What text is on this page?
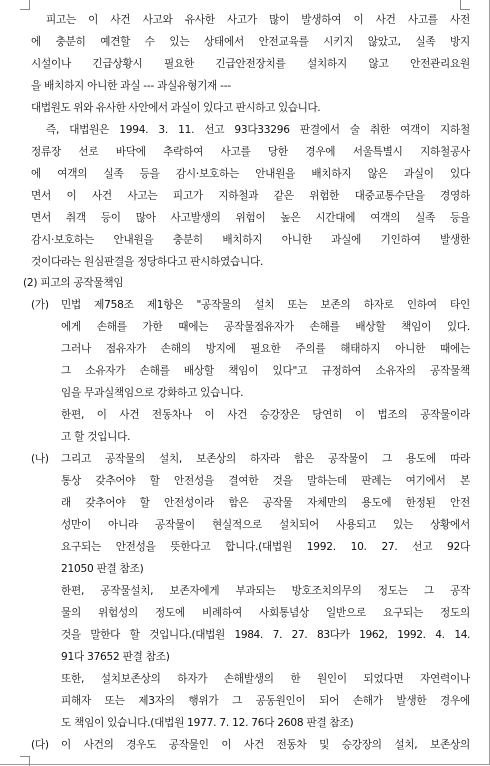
피고는 이 사건 사고와 유사한 사고가 많이 발생하여 이 사건 사고를 사전
에 충분히 예견할 수 있는 상태에서 안전교육를 시키지 않았고, 실족 방지
시설이나 긴급상황시 필요한 긴급안전장치를 설치하지 않고 안전관리요원
을 배치하지 아니한 과실 --- 과실유형기재 ---
대법원도 위와 유사한 사안에서 과실이 있다고 판시하고 있습니다.
즉, 대법원은 1994. 3. 11. 선고 93다33296 판결에서 술 취한 여객이 지하철
정류장 선로 바닥에 추락하여 사고를 당한 경우에 서울특별시 지하철공사
에 여객의 실족 등을 감시·보호하는 안내원을 배치하지 않은 과실이 있다
면서 이 사건 사고는 피고가 지하철과 같은 위험한 대중교통수단을 경영하
면서 취객 등이 많아 사고발생의 위험이 높은 시간대에 여객의 실족 등을
감시·보호하는 안내원을 충분히 배치하지 아니한 과실에 기인하여 발생한
것이다라는 원심판결을 정당하다고 판시하였습니다.
(2) 피고의 공작물책임
(가) 민법 제758조 제1항은 "공작물의 설치 또는 보존의 하자로 인하여 타인
에게 손해를 가한 때에는 공작물점유자가 손해를 배상할 책임이 있다.
그러나 점유자가 손해의 방지에 필요한 주의를 해태하지 아니한 때에는
그 소유자가 손해를 배상할 책임이 있다"고 규정하여 소유자의 공작물책
임을 무과실책임으로 강화하고 있습니다.
한편, 이 사건 전동차나 이 사건 승강장은 당연히 이 법조의 공작물이라
고 할 것입니다.
(나) 그리고 공작물의 설치, 보존상의 하자라 함은 공작물이 그 용도에 따라
통상 갖추어야 할 안전성을 결여한 것을 말하는데 판례는 여기에서 본
래 갖추어야 할 안전성이라 함은 공작물 자체만의 용도에 한정된 안전
성만이 아니라 공작물이 현실적으로 설치되어 사용되고 있는 상황에서
요구되는 안전성을 뜻한다고 합니다.(대법원 1992. 10. 27. 선고 92다
21050 판결 참조)
한편, 공작물설치, 보존자에게 부과되는 방호조치의무의 정도는 그 공작
물의 위험성의 정도에 비례하여 사회통념상 일반으로 요구되는 정도의
것을 말한다 할 것입니다.(대법원 1984. 7. 27. 83다카 1962, 1992. 4. 14.
91다 37652 판결 참조)
또한, 설치보존상의 하자가 손해발생의 한 원인이 되었다면 자연력이나
피해자 또는 제3자의 행위가 그 공동원인이 되어 손해가 발생한 경우에
도 책임이 있습니다.(대법원 1977. 7. 12. 76다 2608 판결 참조)
(다) 이 사건의 경우도 공작물인 이 사건 전동차 및 승강장의 설치, 보존상의
